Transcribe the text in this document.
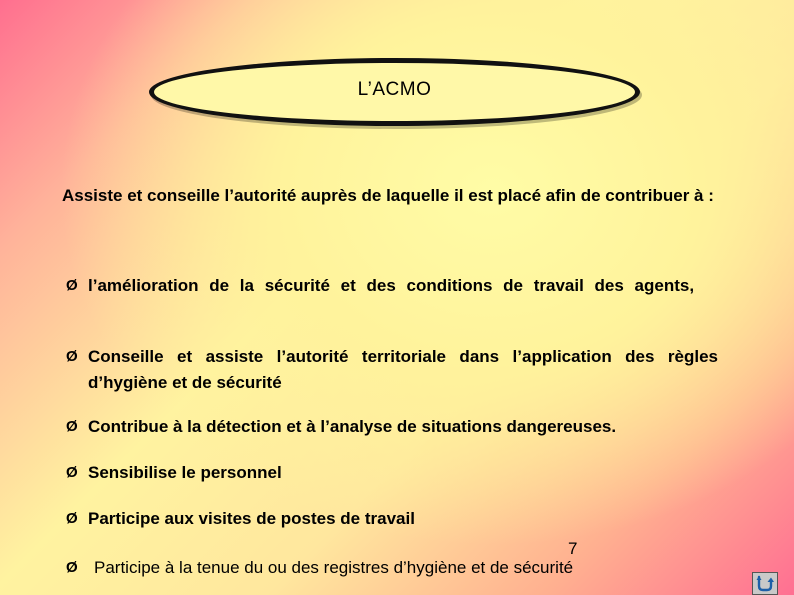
L’ACMO
Assiste et conseille l’autorité auprès de laquelle il est placé afin de contribuer à :
Ø l’amélioration de la sécurité et des conditions de travail des agents,
Ø Conseille et assiste l’autorité territoriale dans l’application des règles d’hygiène et de sécurité
Ø Contribue à la détection et à l’analyse de situations dangereuses.
Ø Sensibilise le personnel
Ø Participe aux visites de postes de travail
7
Ø Participe à la tenue du ou des registres d’hygiène et de sécurité
